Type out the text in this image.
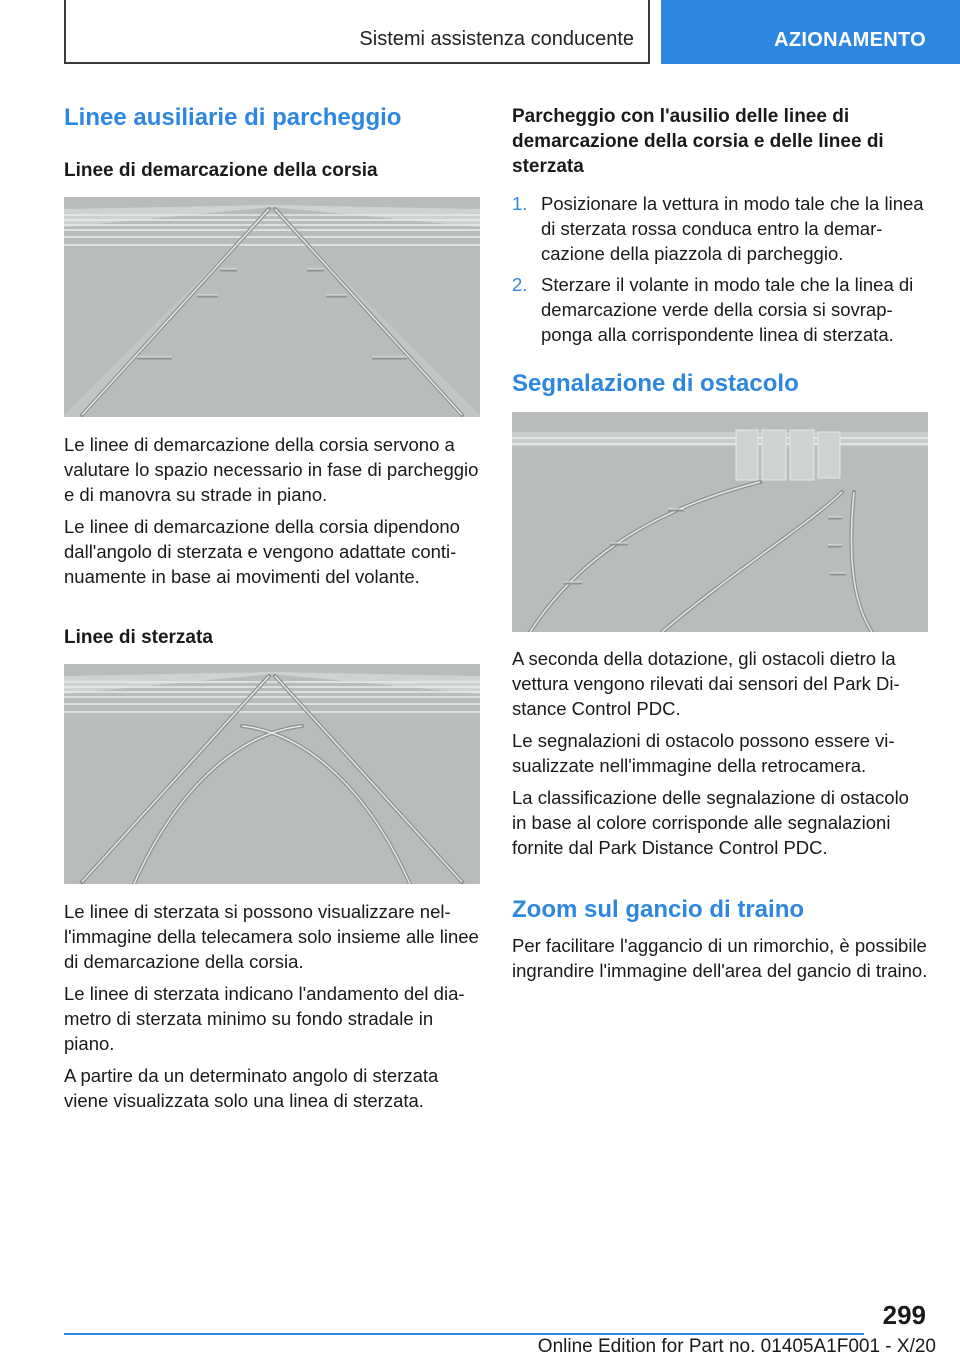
Sistemi assistenza conducente	AZIONAMENTO
Linee ausiliarie di parcheggio
Linee di demarcazione della corsia

Le linee di demarcazione della corsia servono a valutare lo spazio necessario in fase di parcheggio e di manovra su strade in piano.

Le linee di demarcazione della corsia dipendono dall'angolo di sterzata e vengono adattate continuamente in base ai movimenti del volante.

Linee di sterzata

Le linee di sterzata si possono visualizzare nell'immagine della telecamera solo insieme alle linee di demarcazione della corsia.

Le linee di sterzata indicano l'andamento del diametro di sterzata minimo su fondo stradale in piano.

A partire da un determinato angolo di sterzata viene visualizzata solo una linea di sterzata.

Parcheggio con l'ausilio delle linee di demarcazione della corsia e delle linee di sterzata
1. Posizionare la vettura in modo tale che la linea di sterzata rossa conduca entro la demarcazione della piazzola di parcheggio.
2. Sterzare il volante in modo tale che la linea di demarcazione verde della corsia si sovrapponga alla corrispondente linea di sterzata.
Segnalazione di ostacolo

A seconda della dotazione, gli ostacoli dietro la vettura vengono rilevati dai sensori del Park Distance Control PDC.

Le segnalazioni di ostacolo possono essere visualizzate nell'immagine della retrocamera.

La classificazione delle segnalazione di ostacolo in base al colore corrisponde alle segnalazioni fornite dal Park Distance Control PDC.

Zoom sul gancio di traino

Per facilitare l'aggancio di un rimorchio, è possibile ingrandire l'immagine dell'area del gancio di traino.

299
Online Edition for Part no. 01405A1F001 - X/20
